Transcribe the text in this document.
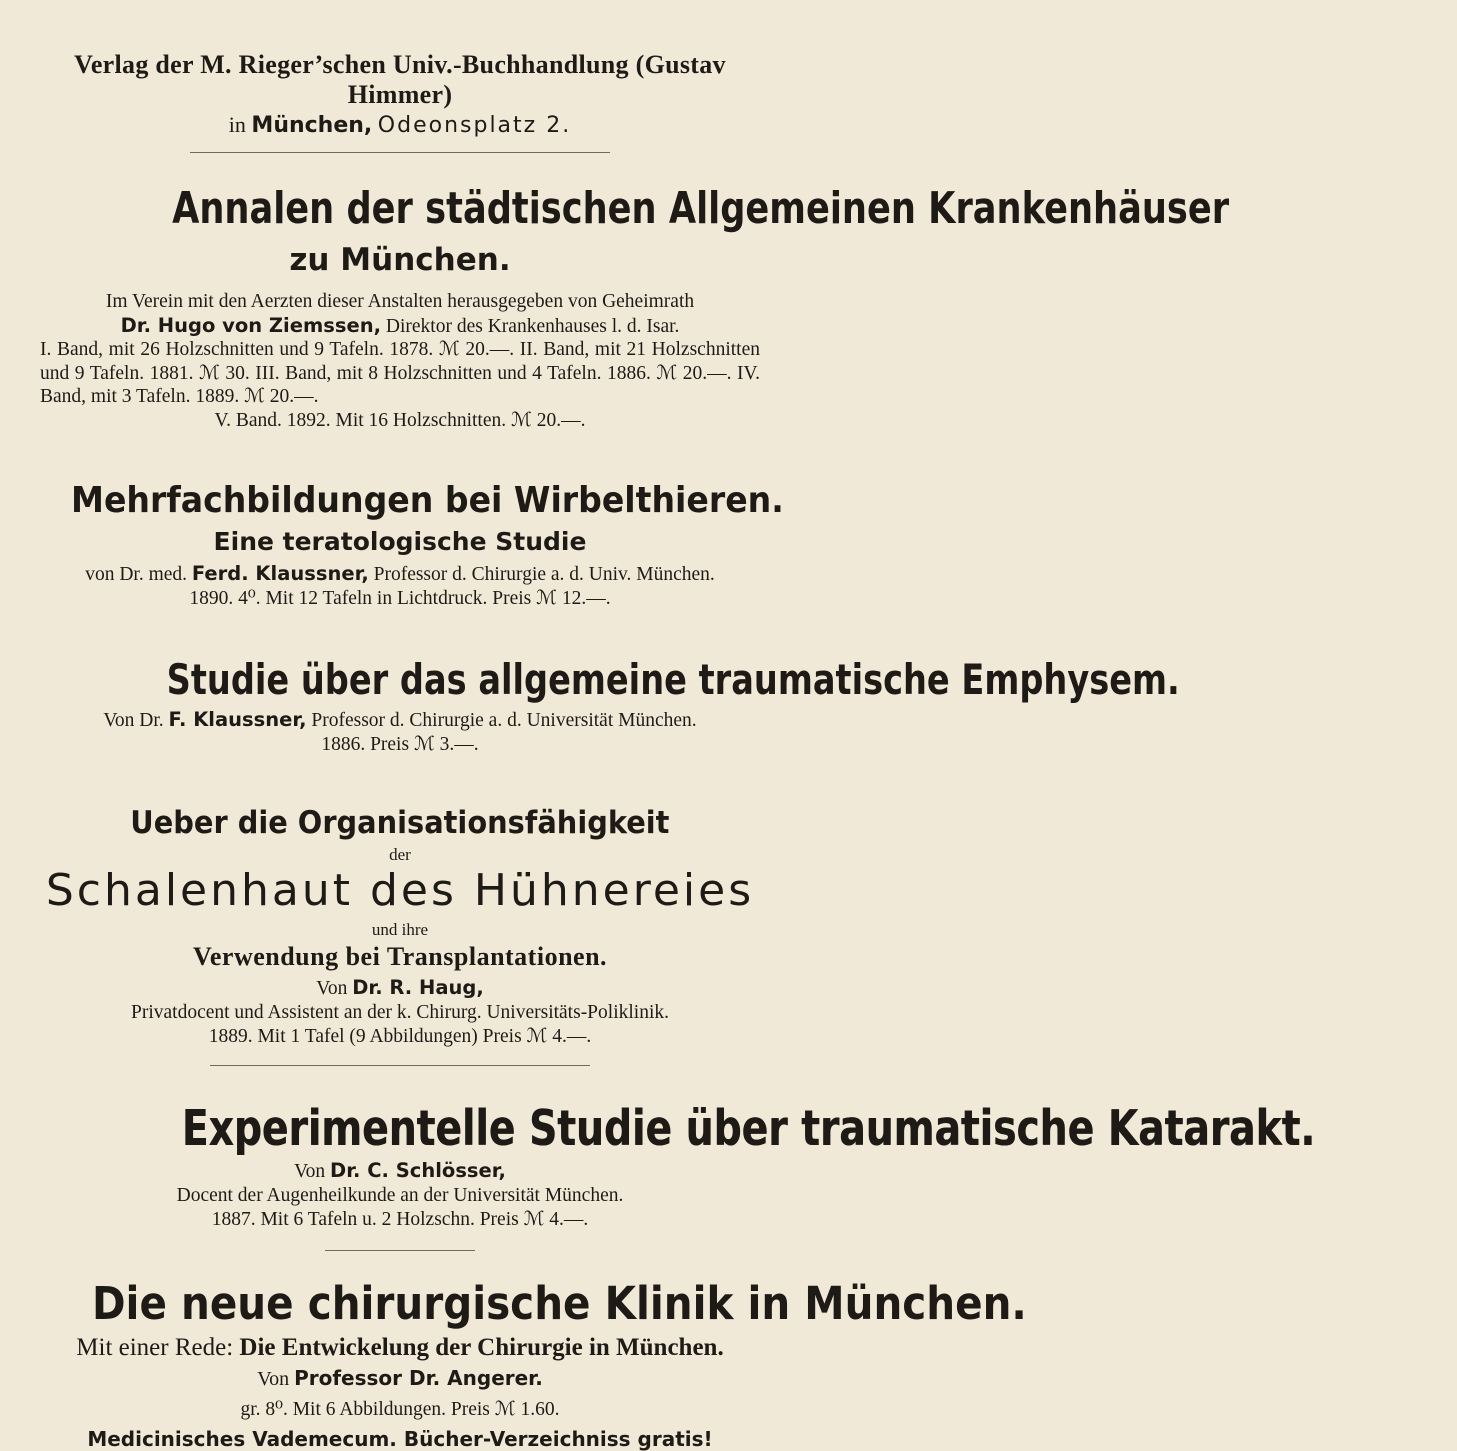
Verlag der M. Rieger’schen Univ.-Buchhandlung (Gustav Himmer)
in München, Odeonsplatz 2.
Annalen der städtischen Allgemeinen Krankenhäuser
zu München.
Im Verein mit den Aerzten dieser Anstalten herausgegeben von Geheimrath
Dr. Hugo von Ziemssen, Direktor des Krankenhauses l. d. Isar.
I. Band, mit 26 Holzschnitten und 9 Tafeln. 1878. ℳ 20.—. II. Band, mit 21 Holzschnitten und 9 Tafeln. 1881. ℳ 30. III. Band, mit 8 Holzschnitten und 4 Tafeln. 1886. ℳ 20.—. IV. Band, mit 3 Tafeln. 1889. ℳ 20.—.
V. Band. 1892. Mit 16 Holzschnitten. ℳ 20.—.
Mehrfachbildungen bei Wirbelthieren.
Eine teratologische Studie
von Dr. med. Ferd. Klaussner, Professor d. Chirurgie a. d. Univ. München.
1890. 4⁰. Mit 12 Tafeln in Lichtdruck. Preis ℳ 12.—.
Studie über das allgemeine traumatische Emphysem.
Von Dr. F. Klaussner, Professor d. Chirurgie a. d. Universität München.
1886. Preis ℳ 3.—.
Ueber die Organisationsfähigkeit
der
Schalenhaut des Hühnereies
und ihre
Verwendung bei Transplantationen.
Von Dr. R. Haug,
Privatdocent und Assistent an der k. Chirurg. Universitäts-Poliklinik.
1889. Mit 1 Tafel (9 Abbildungen) Preis ℳ 4.—.
Experimentelle Studie über traumatische Katarakt.
Von Dr. C. Schlösser,
Docent der Augenheilkunde an der Universität München.
1887. Mit 6 Tafeln u. 2 Holzschn. Preis ℳ 4.—.
Die neue chirurgische Klinik in München.
Mit einer Rede: Die Entwickelung der Chirurgie in München.
Von Professor Dr. Angerer.
gr. 8⁰. Mit 6 Abbildungen. Preis ℳ 1.60.
Medicinisches Vademecum. Bücher-Verzeichniss gratis!
